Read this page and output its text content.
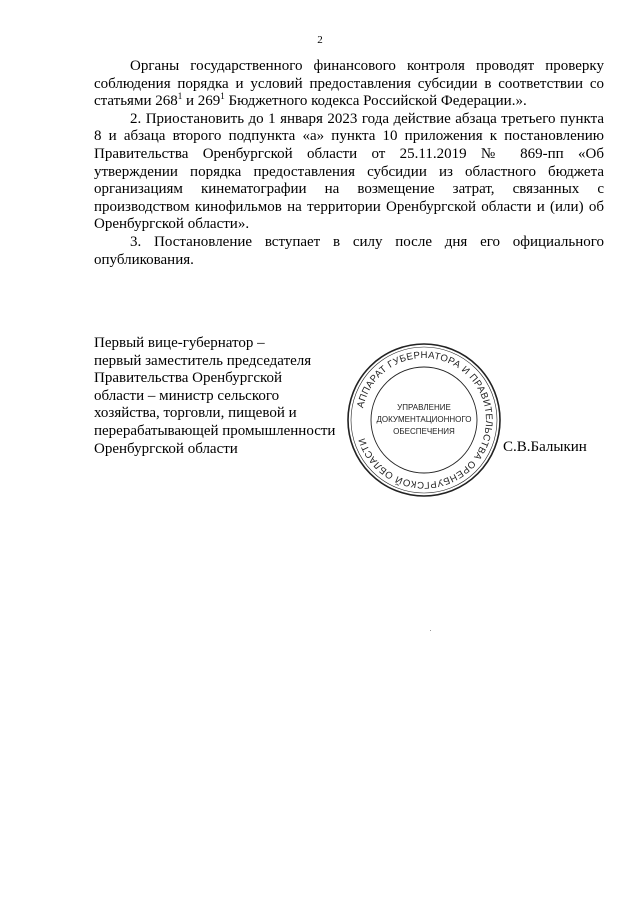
2

Органы государственного финансового контроля проводят проверку соблюдения порядка и условий предоставления субсидии в соответствии со статьями $268^1$ и $269^1$ Бюджетного кодекса Российской Федерации.».

2. Приостановить до 1 января 2023 года действие абзаца третьего пункта 8 и абзаца второго подпункта «а» пункта 10 приложения к постановлению Правительства Оренбургской области от 25.11.2019 № 869-пп «Об утверждении порядка предоставления субсидии из областного бюджета организациям кинематографии на возмещение затрат, связанных с производством кинофильмов на территории Оренбургской области и (или) об Оренбургской области».

3. Постановление вступает в силу после дня его официального опубликования.

Первый вице-губернатор –
первый заместитель председателя
Правительства Оренбургской
области – министр сельского
хозяйства, торговли, пищевой и
перерабатывающей промышленности
Оренбургской области
АППАРАТ ГУБЕРНАТОРА И ПРАВИТЕЛЬСТВА ОРЕНБУРГСКОЙ ОБЛАСТИ
УПРАВЛЕНИЕ
ДОКУМЕНТАЦИОННОГО
ОБЕСПЕЧЕНИЯ
С.В.Балыкин
